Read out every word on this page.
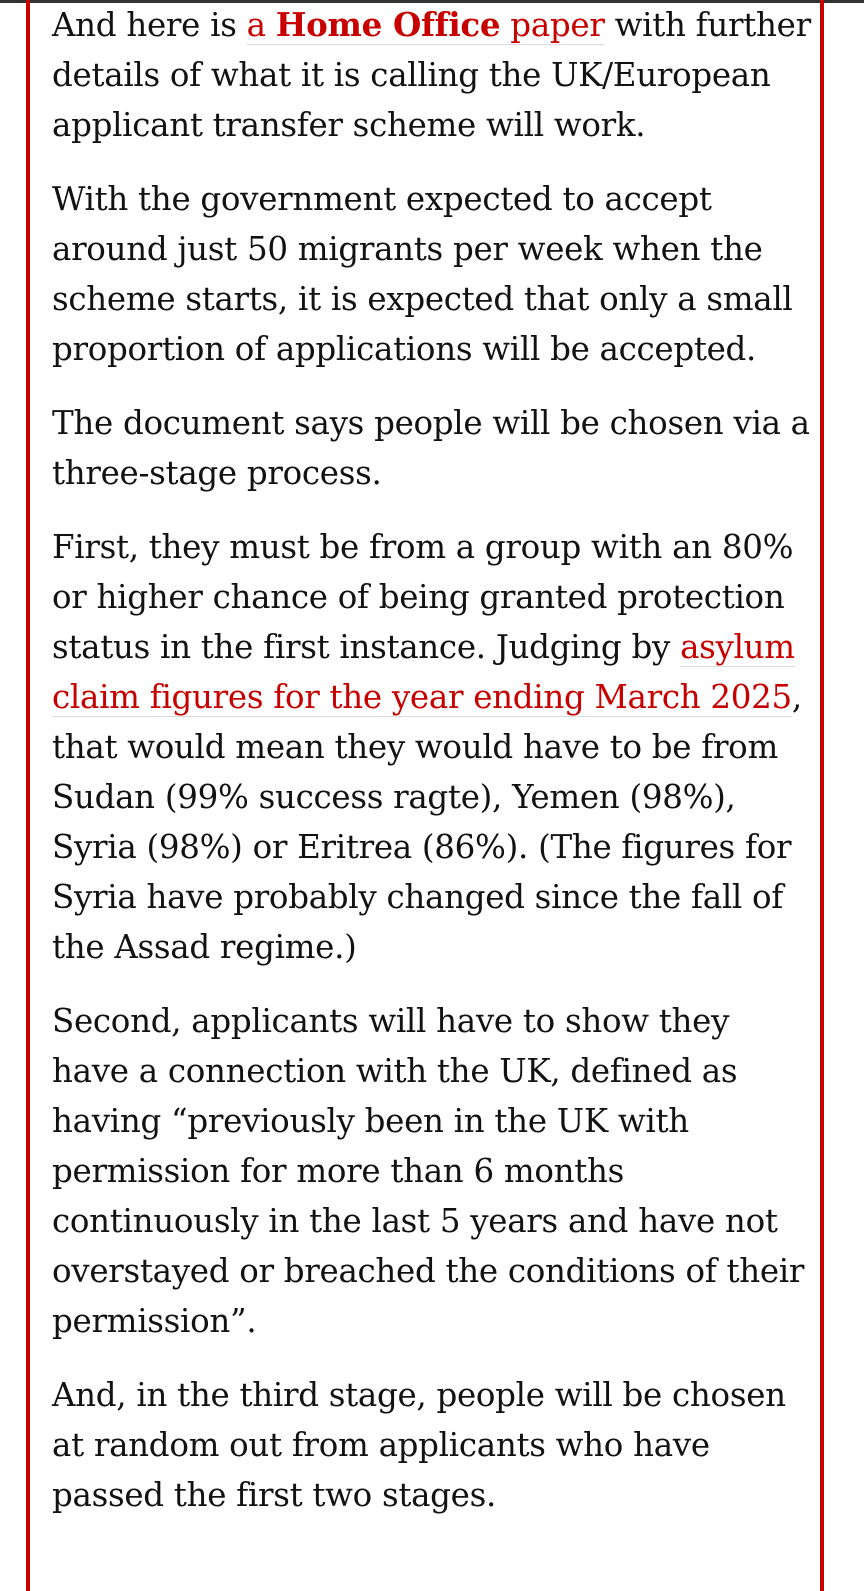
And here is a Home Office paper with further details of what it is calling the UK/European applicant transfer scheme will work.

With the government expected to accept around just 50 migrants per week when the scheme starts, it is expected that only a small proportion of applications will be accepted.

The document says people will be chosen via a three-stage process.

First, they must be from a group with an 80% or higher chance of being granted protection status in the first instance. Judging by asylum claim figures for the year ending March 2025, that would mean they would have to be from Sudan (99% success ragte), Yemen (98%), Syria (98%) or Eritrea (86%). (The figures for Syria have probably changed since the fall of the Assad regime.)

Second, applicants will have to show they have a connection with the UK, defined as having “previously been in the UK with permission for more than 6 months continuously in the last 5 years and have not overstayed or breached the conditions of their permission”.

And, in the third stage, people will be chosen at random out from applicants who have passed the first two stages.
